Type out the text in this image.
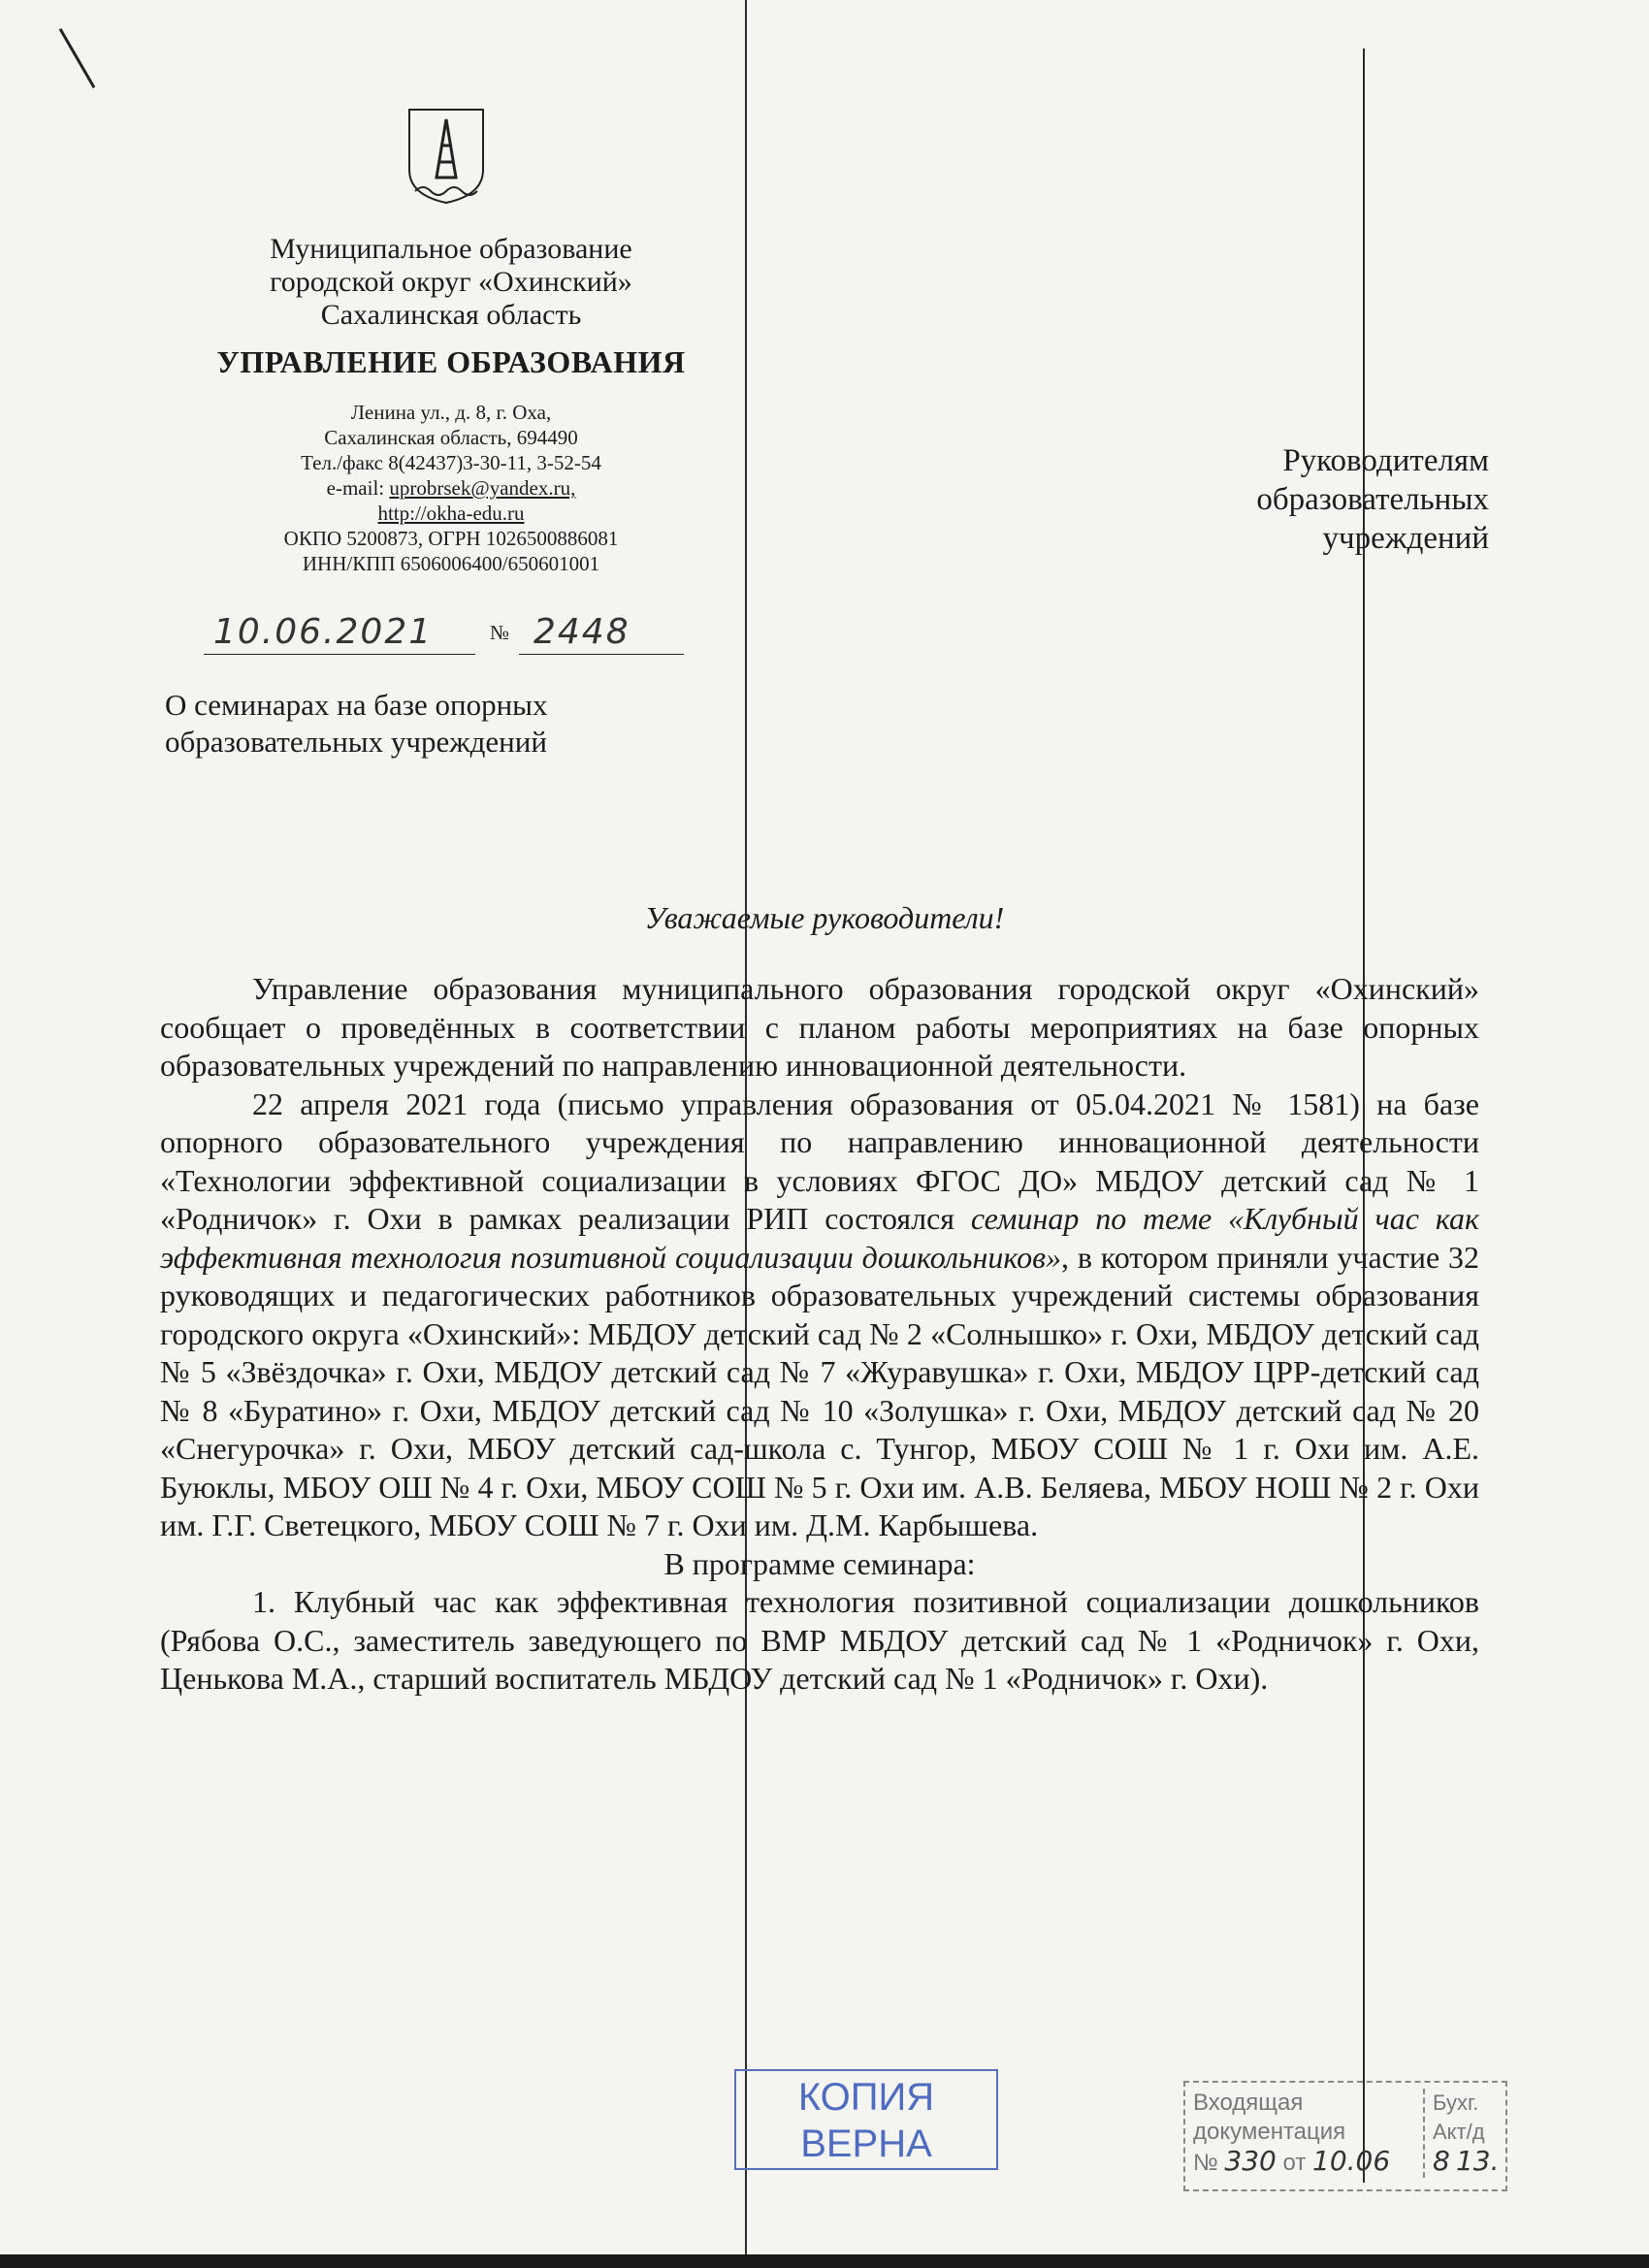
Муниципальное образование
городской округ «Охинский»
Сахалинская область
УПРАВЛЕНИЕ ОБРАЗОВАНИЯ
Ленина ул., д. 8, г. Оха,
Сахалинская область, 694490
Тел./факс 8(42437)3-30-11, 3-52-54
e-mail: uprobrsek@yandex.ru,
http://okha-edu.ru
ОКПО 5200873, ОГРН 1026500886081
ИНН/КПП 6506006400/650601001
10.06.2021	№ 2448
О семинарах на базе опорных
образовательных учреждений
Руководителям
образовательных
учреждений
Уважаемые руководители!

Управление образования муниципального образования городской округ «Охинский» сообщает о проведённых в соответствии с планом работы мероприятиях на базе опорных образовательных учреждений по направлению инновационной деятельности.

22 апреля 2021 года (письмо управления образования от 05.04.2021 № 1581) на базе опорного образовательного учреждения по направлению инновационной деятельности «Технологии эффективной социализации в условиях ФГОС ДО» МБДОУ детский сад № 1 «Родничок» г. Охи в рамках реализации РИП состоялся семинар по теме «Клубный час как эффективная технология позитивной социализации дошкольников», в котором приняли участие 32 руководящих и педагогических работников образовательных учреждений системы образования городского округа «Охинский»: МБДОУ детский сад № 2 «Солнышко» г. Охи, МБДОУ детский сад № 5 «Звёздочка» г. Охи, МБДОУ детский сад № 7 «Журавушка» г. Охи, МБДОУ ЦРР-детский сад № 8 «Буратино» г. Охи, МБДОУ детский сад № 10 «Золушка» г. Охи, МБДОУ детский сад № 20 «Снегурочка» г. Охи, МБОУ детский сад-школа с. Тунгор, МБОУ СОШ № 1 г. Охи им. А.Е. Буюклы, МБОУ ОШ № 4 г. Охи, МБОУ СОШ № 5 г. Охи им. А.В. Беляева, МБОУ НОШ № 2 г. Охи им. Г.Г. Светецкого, МБОУ СОШ № 7 г. Охи им. Д.М. Карбышева.

В программе семинара:

1. Клубный час как эффективная технология позитивной социализации дошкольников (Рябова О.С., заместитель заведующего по ВМР МБДОУ детский сад № 1 «Родничок» г. Охи, Ценькова М.А., старший воспитатель МБДОУ детский сад № 1 «Родничок» г. Охи).

КОПИЯ
ВЕРНА
Входящая
документация
№ 330 от 10.06
Бухг.
Акт/д
8 13.
